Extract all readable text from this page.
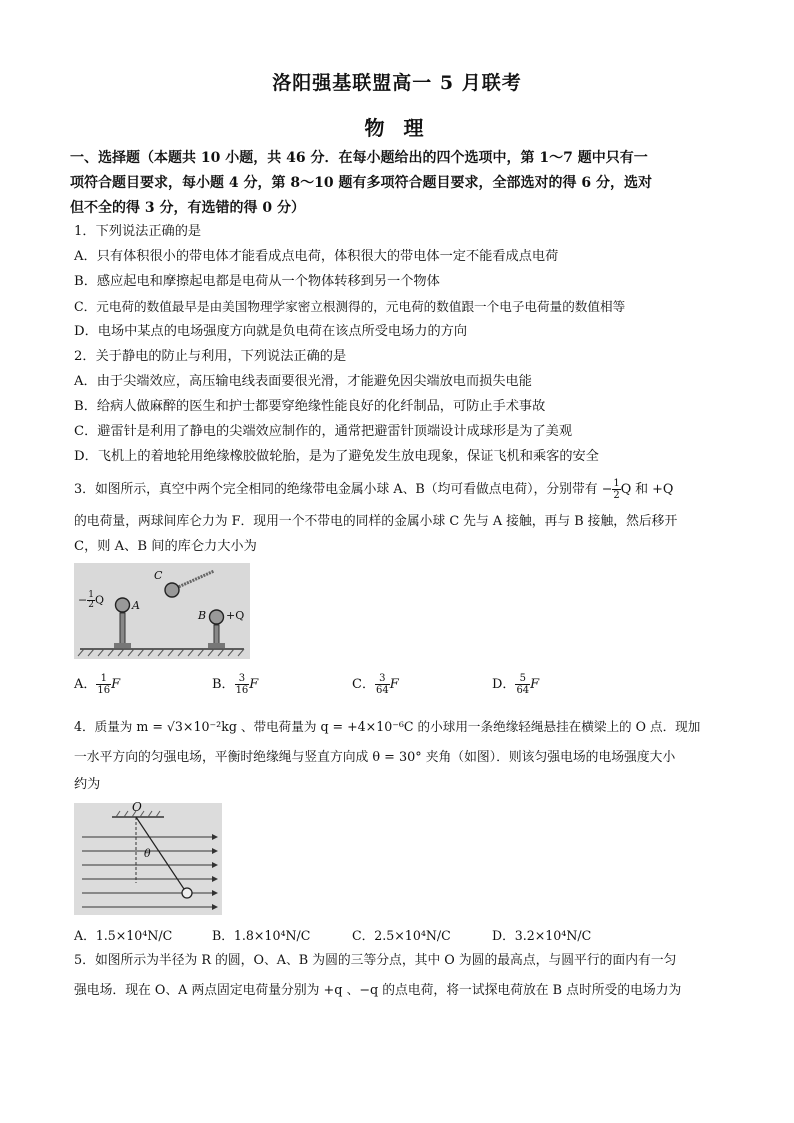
洛阳强基联盟高一 5 月联考
物 理
一、选择题（本题共 10 小题，共 46 分．在每小题给出的四个选项中，第 1～7 题中只有一
项符合题目要求，每小题 4 分，第 8～10 题有多项符合题目要求，全部选对的得 6 分，选对
但不全的得 3 分，有选错的得 0 分）
1．下列说法正确的是
A．只有体积很小的带电体才能看成点电荷，体积很大的带电体一定不能看成点电荷
B．感应起电和摩擦起电都是电荷从一个物体转移到另一个物体
C．元电荷的数值最早是由美国物理学家密立根测得的，元电荷的数值跟一个电子电荷量的数值相等
D．电场中某点的电场强度方向就是负电荷在该点所受电场力的方向
2．关于静电的防止与利用，下列说法正确的是
A．由于尖端效应，高压输电线表面要很光滑，才能避免因尖端放电而损失电能
B．给病人做麻醉的医生和护士都要穿绝缘性能良好的化纤制品，可防止手术事故
C．避雷针是利用了静电的尖端效应制作的，通常把避雷针顶端设计成球形是为了美观
D．飞机上的着地轮用绝缘橡胶做轮胎，是为了避免发生放电现象，保证飞机和乘客的安全
3．如图所示，真空中两个完全相同的绝缘带电金属小球 A、B（均可看做点电荷），分别带有 − $\frac{1}{2}$ Q 和 +Q
的电荷量，两球间库仑力为 F．现用一个不带电的同样的金属小球 C 先与 A 接触，再与 B 接触，然后移开
C，则 A、B 间的库仑力大小为
C
A
B +Q
− $\frac{1}{2}$ Q
A． $\frac{1}{16}$ F	B． $\frac{3}{16}$ F	C． $\frac{3}{64}$ F	D． $\frac{5}{64}$ F
4．质量为 m = √3×10⁻²kg 、带电荷量为 q = +4×10⁻⁶C 的小球用一条绝缘轻绳悬挂在横梁上的 O 点．现加
一水平方向的匀强电场，平衡时绝缘绳与竖直方向成 θ = 30° 夹角（如图）．则该匀强电场的电场强度大小
约为
O
θ
A．1.5×10⁴N/C	B．1.8×10⁴N/C	C．2.5×10⁴N/C	D．3.2×10⁴N/C
5．如图所示为半径为 R 的圆，O、A、B 为圆的三等分点，其中 O 为圆的最高点，与圆平行的面内有一匀
强电场．现在 O、A 两点固定电荷量分别为 +q 、−q 的点电荷，将一试探电荷放在 B 点时所受的电场力为
